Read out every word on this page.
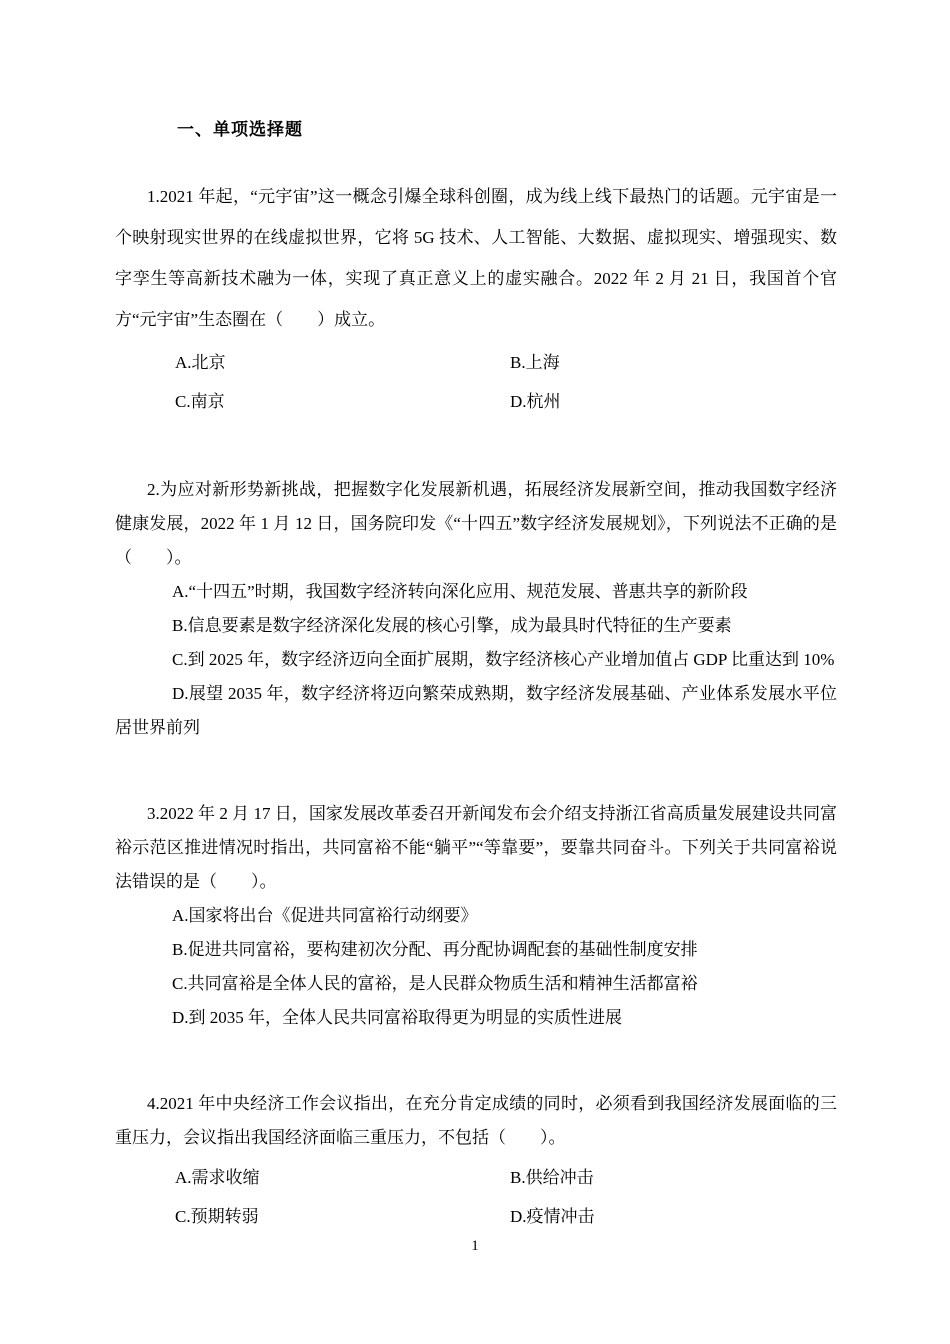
一、单项选择题

1.2021 年起，“元宇宙”这一概念引爆全球科创圈，成为线上线下最热门的话题。元宇宙是一个映射现实世界的在线虚拟世界，它将 5G 技术、人工智能、大数据、虚拟现实、增强现实、数字孪生等高新技术融为一体，实现了真正意义上的虚实融合。2022 年 2 月 21 日，我国首个官方“元宇宙”生态圈在（　　）成立。

A.北京	B.上海
C.南京	D.杭州

2.为应对新形势新挑战，把握数字化发展新机遇，拓展经济发展新空间，推动我国数字经济健康发展，2022 年 1 月 12 日，国务院印发《“十四五”数字经济发展规划》，下列说法不正确的是（　　）。

A.“十四五”时期，我国数字经济转向深化应用、规范发展、普惠共享的新阶段
B.信息要素是数字经济深化发展的核心引擎，成为最具时代特征的生产要素
C.到 2025 年，数字经济迈向全面扩展期，数字经济核心产业增加值占 GDP 比重达到 10%
D.展望 2035 年，数字经济将迈向繁荣成熟期，数字经济发展基础、产业体系发展水平位居世界前列

3.2022 年 2 月 17 日，国家发展改革委召开新闻发布会介绍支持浙江省高质量发展建设共同富裕示范区推进情况时指出，共同富裕不能“躺平”“等靠要”，要靠共同奋斗。下列关于共同富裕说法错误的是（　　）。

A.国家将出台《促进共同富裕行动纲要》
B.促进共同富裕，要构建初次分配、再分配协调配套的基础性制度安排
C.共同富裕是全体人民的富裕，是人民群众物质生活和精神生活都富裕
D.到 2035 年，全体人民共同富裕取得更为明显的实质性进展

4.2021 年中央经济工作会议指出，在充分肯定成绩的同时，必须看到我国经济发展面临的三重压力，会议指出我国经济面临三重压力，不包括（　　）。

A.需求收缩	B.供给冲击
C.预期转弱	D.疫情冲击
1
